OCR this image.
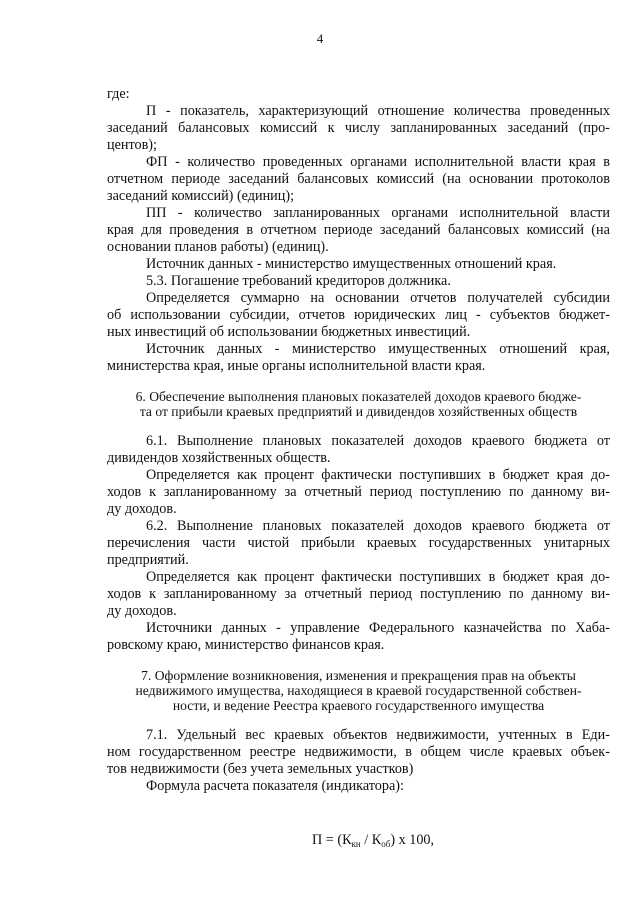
4
где:
П - показатель, характеризующий отношение количества проведенных
заседаний балансовых комиссий к числу запланированных заседаний (про-
центов);
ФП - количество проведенных органами исполнительной власти края в
отчетном периоде заседаний балансовых комиссий (на основании протоколов
заседаний комиссий) (единиц);
ПП - количество запланированных органами исполнительной власти
края для проведения в отчетном периоде заседаний балансовых комиссий (на
основании планов работы) (единиц).
Источник данных - министерство имущественных отношений края.
5.3. Погашение требований кредиторов должника.
Определяется суммарно на основании отчетов получателей субсидии
об использовании субсидии, отчетов юридических лиц - субъектов бюджет-
ных инвестиций об использовании бюджетных инвестиций.
Источник данных - министерство имущественных отношений края,
министерства края, иные органы исполнительной власти края.
6. Обеспечение выполнения плановых показателей доходов краевого бюдже-
та от прибыли краевых предприятий и дивидендов хозяйственных обществ
6.1. Выполнение плановых показателей доходов краевого бюджета от
дивидендов хозяйственных обществ.
Определяется как процент фактически поступивших в бюджет края до-
ходов к запланированному за отчетный период поступлению по данному ви-
ду доходов.
6.2. Выполнение плановых показателей доходов краевого бюджета от
перечисления части чистой прибыли краевых государственных унитарных
предприятий.
Определяется как процент фактически поступивших в бюджет края до-
ходов к запланированному за отчетный период поступлению по данному ви-
ду доходов.
Источники данных - управление Федерального казначейства по Хаба-
ровскому краю, министерство финансов края.
7. Оформление возникновения, изменения и прекращения прав на объекты
недвижимого имущества, находящиеся в краевой государственной собствен-
ности, и ведение Реестра краевого государственного имущества
7.1. Удельный вес краевых объектов недвижимости, учтенных в Еди-
ном государственном реестре недвижимости, в общем числе краевых объек-
тов недвижимости (без учета земельных участков)
Формула расчета показателя (индикатора):
$П = (К_{кн} / К_{об})$ х 100,
